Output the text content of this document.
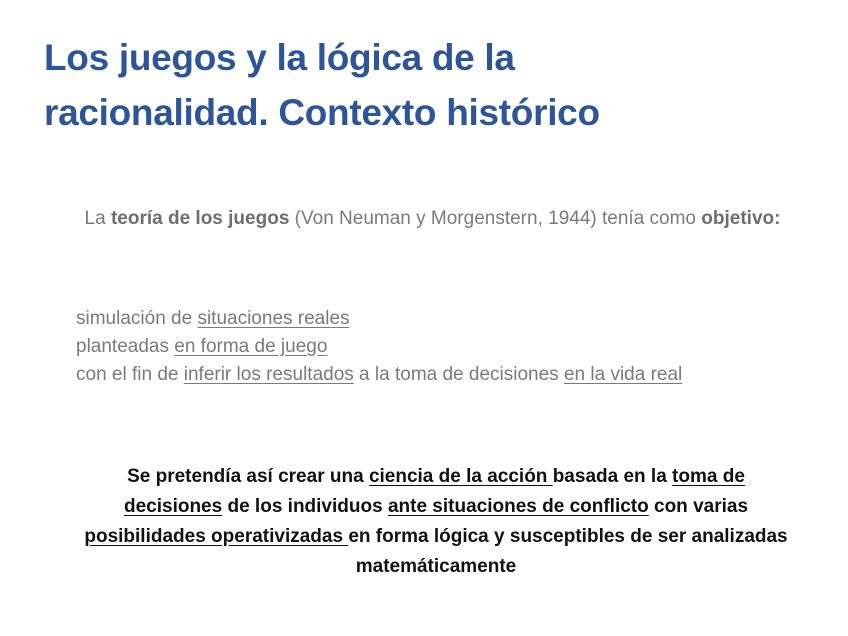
Los juegos y la lógica de la
racionalidad. Contexto histórico

La teoría de los juegos (Von Neuman y Morgenstern, 1944) tenía como objetivo:

simulación de situaciones reales
planteadas en forma de juego
con el fin de inferir los resultados a la toma de decisiones en la vida real

Se pretendía así crear una ciencia de la acción basada en la toma de decisiones de los individuos ante situaciones de conflicto con varias posibilidades operativizadas en forma lógica y susceptibles de ser analizadas matemáticamente
